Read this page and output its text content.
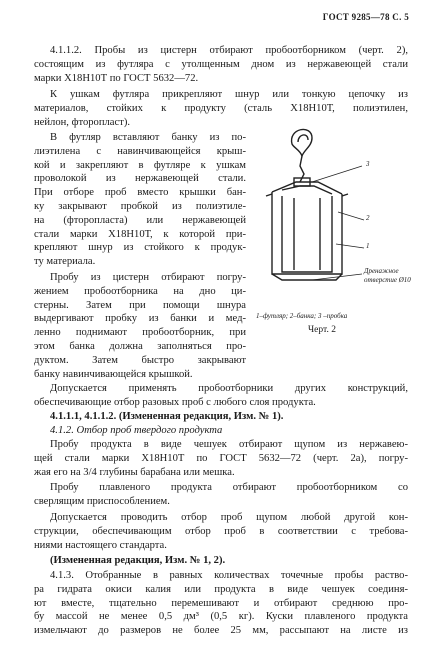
ГОСТ 9285—78 С. 5
4.1.1.2. Пробы из цистерн отбирают пробоотборником (черт. 2),
состоящим из футляра с утолщенным дном из нержавеющей стали
марки Х18Н10Т по ГОСТ 5632—72.
К ушкам футляра прикрепляют шнур или тонкую цепочку из
материалов, стойких к продукту (сталь Х18Н10Т, полиэтилен,
нейлон, фторопласт).
В футляр вставляют банку из по-
лиэтилена с навинчивающейся крыш-
кой и закрепляют в футляре к ушкам
проволокой из нержавеющей стали.
При отборе проб вместо крышки бан-
ку закрывают пробкой из полиэтиле-
на (фторопласта) или нержавеющей
стали марки Х18Н10Т, к которой при-
крепляют шнур из стойкого к продук-
ту материала.
Пробу из цистерн отбирают погру-
жением пробоотборника на дно ци-
стерны. Затем при помощи шнура
выдергивают пробку из банки и мед-
ленно поднимают пробоотборник, при
этом банка должна заполняться про-
дуктом. Затем быстро закрывают
банку навинчивающейся крышкой.
3
2
1
Дренажное
отверстие Ø10
1–футляр; 2–банка; 3 –пробка
Черт. 2
Допускается применять пробоотборники других конструкций,
обеспечивающие отбор разовых проб с любого слоя продукта.
4.1.1.1, 4.1.1.2. (Измененная редакция, Изм. № 1).
4.1.2. Отбор проб твердого продукта
Пробу продукта в виде чешуек отбирают щупом из нержавею-
щей стали марки Х18Н10Т по ГОСТ 5632—72 (черт. 2а), погру-
жая его на 3/4 глубины барабана или мешка.
Пробу плавленого продукта отбирают пробоотборником со
сверлящим приспособлением.
Допускается проводить отбор проб щупом любой другой кон-
струкции, обеспечивающим отбор проб в соответствии с требова-
ниями настоящего стандарта.
(Измененная редакция, Изм. № 1, 2).
4.1.3. Отобранные в равных количествах точечные пробы раство-
ра гидрата окиси калия или продукта в виде чешуек соединя-
ют вместе, тщательно перемешивают и отбирают среднюю про-
бу массой не менее 0,5 дм³ (0,5 кг). Куски плавленого продукта
измельчают до размеров не более 25 мм, рассыпают на листе из
